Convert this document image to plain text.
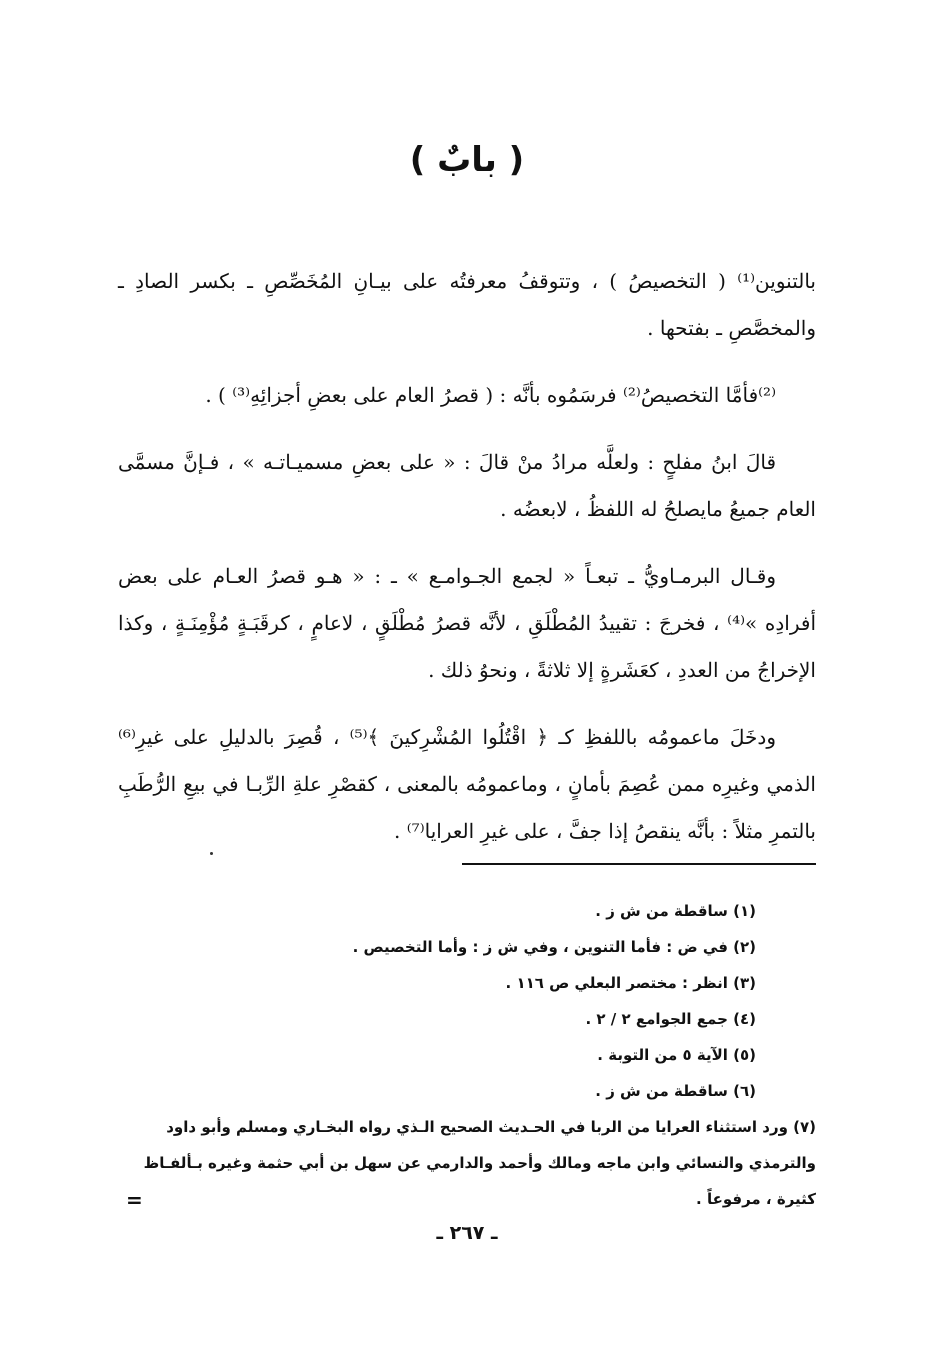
( بابٌ )

بالتنوين⁽¹⁾ ( التخصيصُ ) ، وتتوقفُ معرفتُه على بيـانِ المُخَصِّصِ ـ بكسر الصادِ ـ والمخصَّصِ ـ بفتحها .

⁽²⁾فأمَّا التخصيصُ⁽²⁾ فرسَمُوه بأنَّه : ( قصرُ العام على بعضِ أجزائِهِ⁽³⁾ ) .

قالَ ابنُ مفلحٍ : ولعلَّه مرادُ منْ قالَ : « على بعضِ مسميـاتـه » ، فـإنَّ مسمَّى العام جميعُ مايصلحُ له اللفظُ ، لابعضُه .

وقـال البرمـاويُّ ـ تبعـاً « لجمع الجـوامـع » ـ : « هـو قصرُ العـام على بعض أفرادِه »⁽⁴⁾ ، فخرجَ : تقييدُ المُطْلَقِ ، لأنَّه قصرُ مُطْلَقٍ ، لاعامٍ ، كرقَبَـةٍ مُؤْمِنَـةٍ ، وكذا الإخراجُ من العددِ ، كعَشَرةٍ إلا ثلاثةً ، ونحوُ ذلك .

ودخَلَ ماعمومُه باللفظِ كـ ﴿ اقْتُلُوا المُشْرِكينَ ﴾⁽⁵⁾ ، قُصِرَ بالدليلِ على غيرِ⁽⁶⁾ الذمي وغيرِه ممن عُصِمَ بأمانٍ ، وماعمومُه بالمعنى ، كقصْرِ علةِ الرِّبـا في بيعِ الرُّطَبِ بالتمرِ مثلاً : بأنَّه ينقصُ إذا جفَّ ، على غيرِ العرايا⁽⁷⁾ .

(١) ساقطة من ش ز .
(٢) في ض : فأما التنوين ، وفي ش ز : وأما التخصيص .
(٣) انظر : مختصر البعلي ص ١١٦ .
(٤) جمع الجوامع ٢ / ٢ .
(٥) الآية ٥ من التوبة .
(٦) ساقطة من ش ز .
(٧) ورد استثناء العرايا من الربا في الحـديث الصحيح الـذي رواه البخـاري ومسلم وأبو داود والترمذي والنسائي وابن ماجه ومالك وأحمد والدارمي عن سهل بن أبي حثمة وغيره بـألفـاظ كثيرة ، مرفوعاً .
=
ـ ٢٦٧ ـ
